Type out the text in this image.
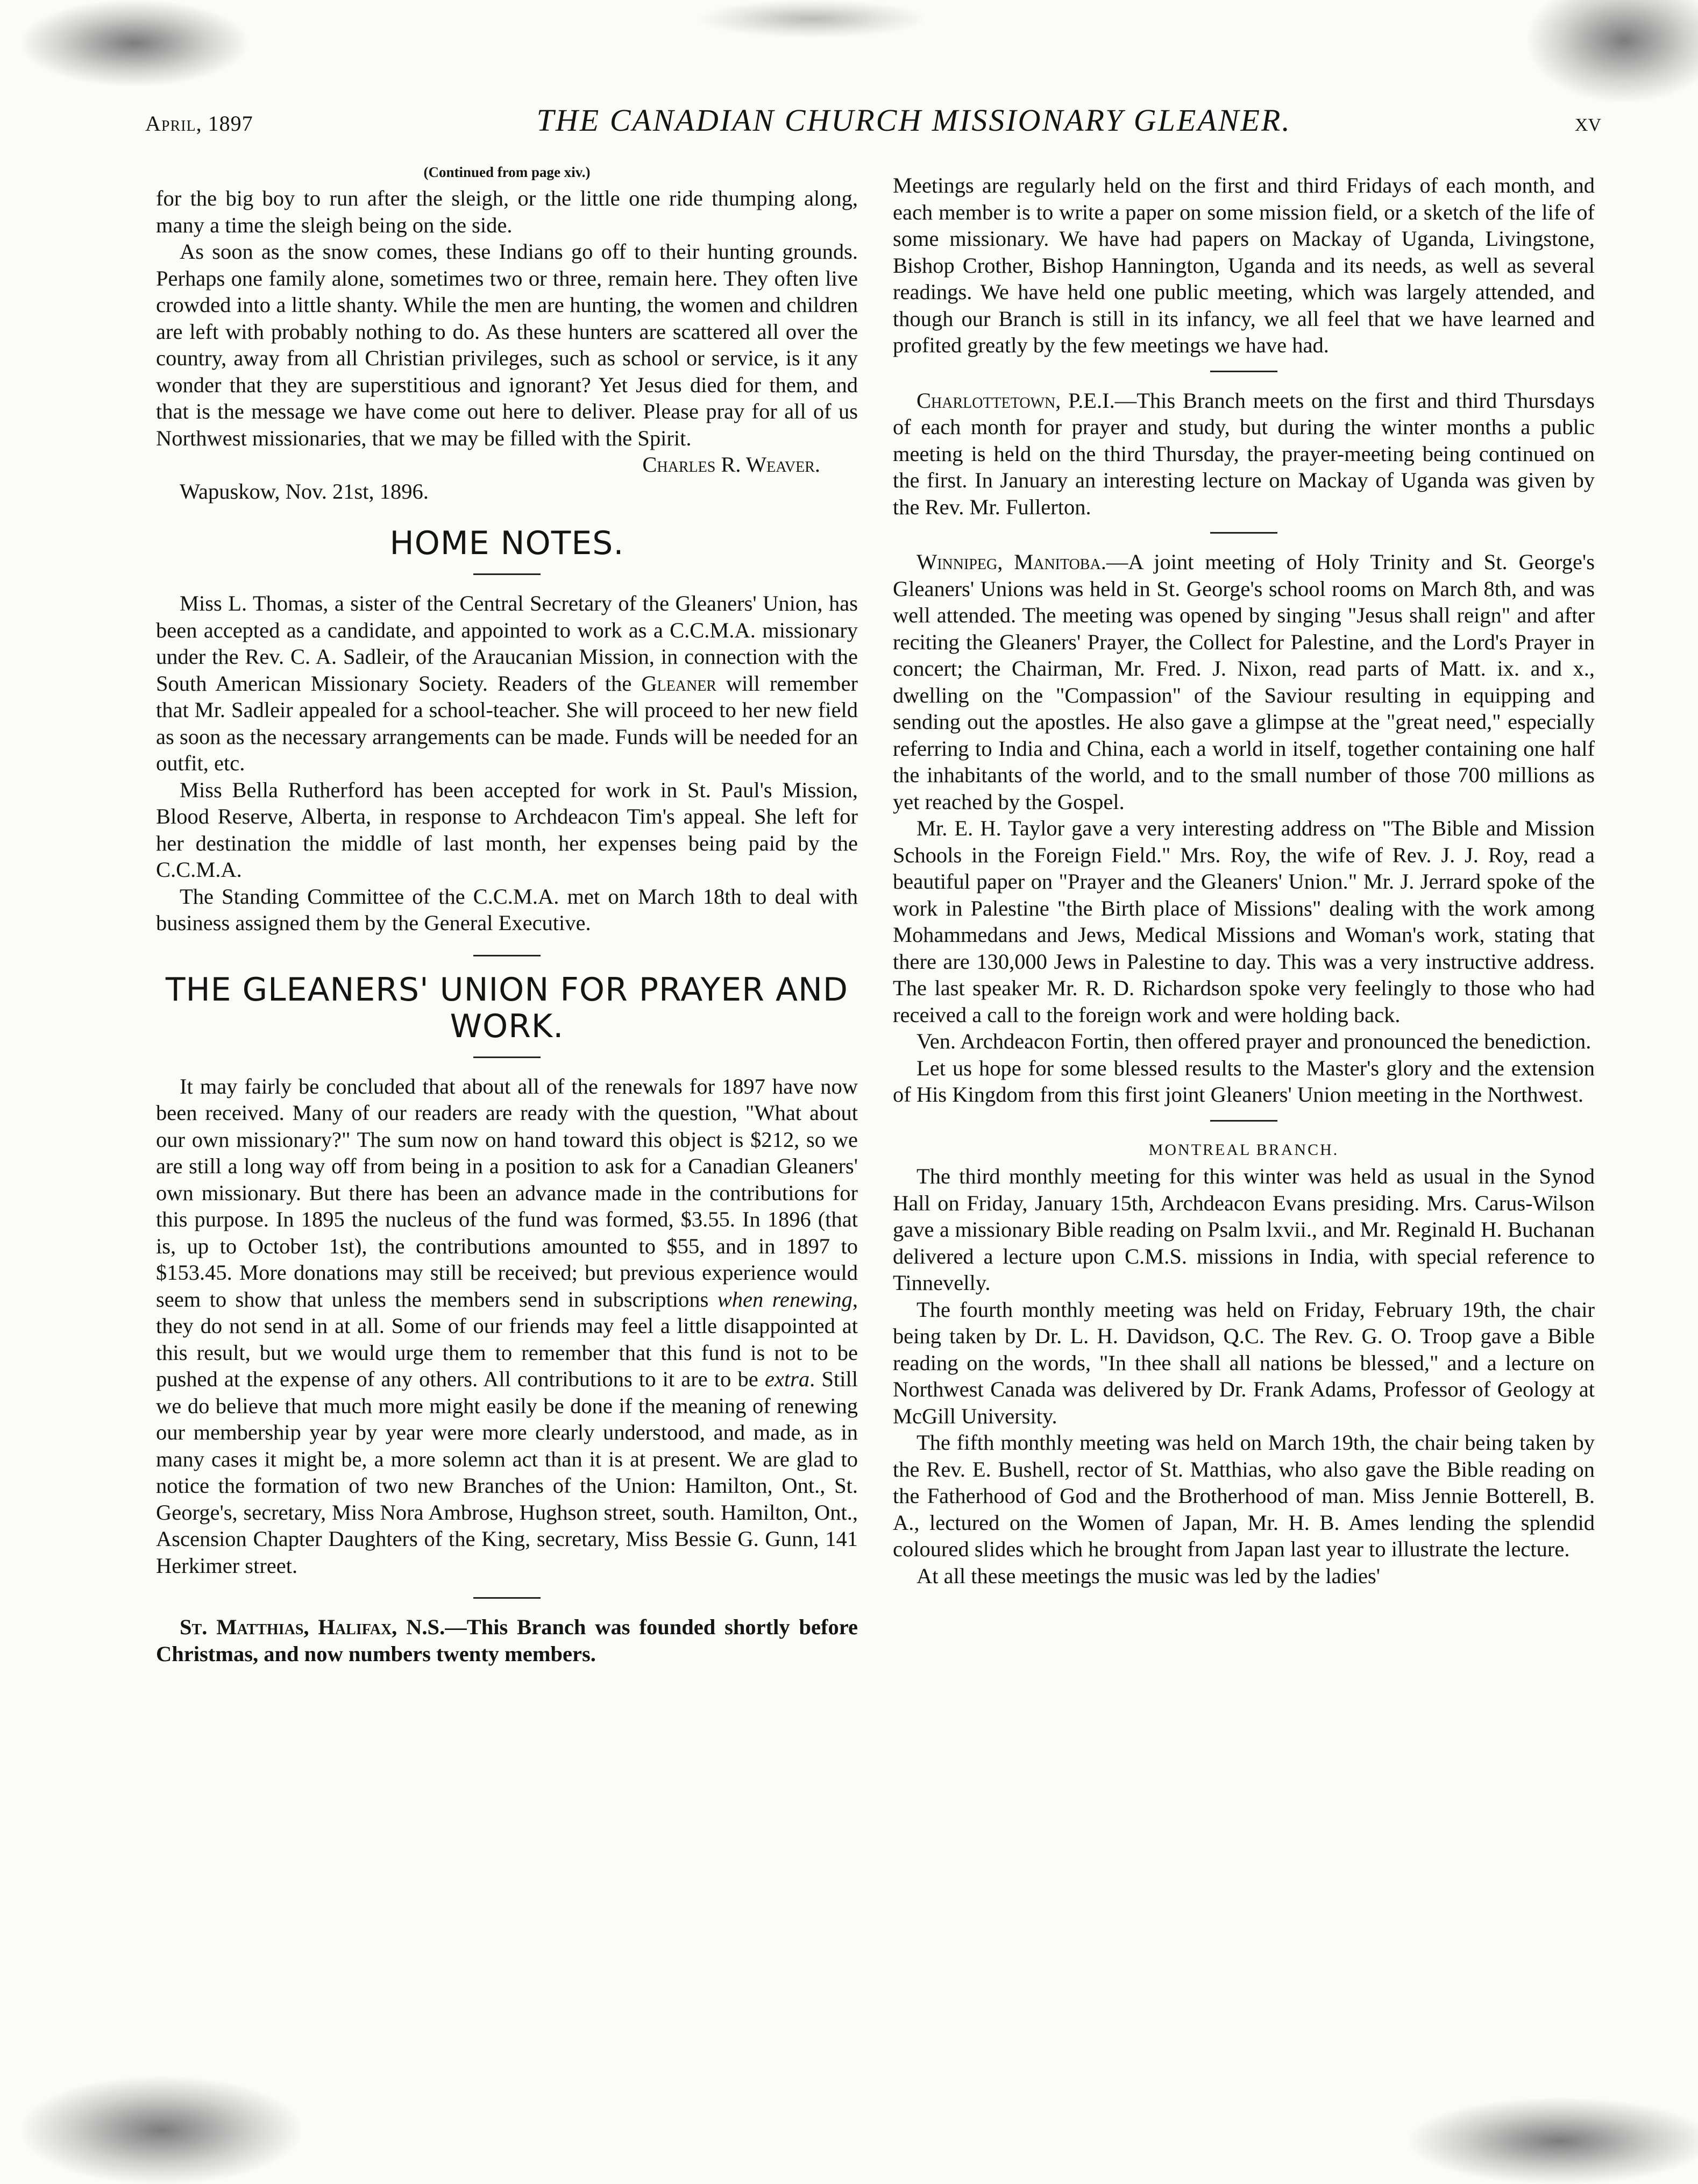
April, 1897	THE CANADIAN CHURCH MISSIONARY GLEANER.	xv
(Continued from page xiv.)

for the big boy to run after the sleigh, or the little one ride thumping along, many a time the sleigh being on the side.

As soon as the snow comes, these Indians go off to their hunting grounds. Perhaps one family alone, sometimes two or three, remain here. They often live crowded into a little shanty. While the men are hunting, the women and children are left with probably nothing to do. As these hunters are scattered all over the country, away from all Christian privileges, such as school or service, is it any wonder that they are superstitious and ignorant? Yet Jesus died for them, and that is the message we have come out here to deliver. Please pray for all of us Northwest missionaries, that we may be filled with the Spirit.

Charles R. Weaver.

Wapuskow, Nov. 21st, 1896.

HOME NOTES.

Miss L. Thomas, a sister of the Central Secretary of the Gleaners' Union, has been accepted as a candidate, and appointed to work as a C.C.M.A. missionary under the Rev. C. A. Sadleir, of the Araucanian Mission, in connection with the South American Missionary Society. Readers of the Gleaner will remember that Mr. Sadleir appealed for a school-teacher. She will proceed to her new field as soon as the necessary arrangements can be made. Funds will be needed for an outfit, etc.

Miss Bella Rutherford has been accepted for work in St. Paul's Mission, Blood Reserve, Alberta, in response to Archdeacon Tim's appeal. She left for her destination the middle of last month, her expenses being paid by the C.C.M.A.

The Standing Committee of the C.C.M.A. met on March 18th to deal with business assigned them by the General Executive.

THE GLEANERS' UNION FOR PRAYER AND WORK.

It may fairly be concluded that about all of the renewals for 1897 have now been received. Many of our readers are ready with the question, "What about our own missionary?" The sum now on hand toward this object is $212, so we are still a long way off from being in a position to ask for a Canadian Gleaners' own missionary. But there has been an advance made in the contributions for this purpose. In 1895 the nucleus of the fund was formed, $3.55. In 1896 (that is, up to October 1st), the contributions amounted to $55, and in 1897 to $153.45. More donations may still be received; but previous experience would seem to show that unless the members send in subscriptions when renewing, they do not send in at all. Some of our friends may feel a little disappointed at this result, but we would urge them to remember that this fund is not to be pushed at the expense of any others. All contributions to it are to be extra. Still we do believe that much more might easily be done if the meaning of renewing our membership year by year were more clearly understood, and made, as in many cases it might be, a more solemn act than it is at present. We are glad to notice the formation of two new Branches of the Union: Hamilton, Ont., St. George's, secretary, Miss Nora Ambrose, Hughson street, south. Hamilton, Ont., Ascension Chapter Daughters of the King, secretary, Miss Bessie G. Gunn, 141 Herkimer street.

St. Matthias, Halifax, N.S.—This Branch was founded shortly before Christmas, and now numbers twenty members.

Meetings are regularly held on the first and third Fridays of each month, and each member is to write a paper on some mission field, or a sketch of the life of some missionary. We have had papers on Mackay of Uganda, Livingstone, Bishop Crother, Bishop Hannington, Uganda and its needs, as well as several readings. We have held one public meeting, which was largely attended, and though our Branch is still in its infancy, we all feel that we have learned and profited greatly by the few meetings we have had.

Charlottetown, P.E.I.—This Branch meets on the first and third Thursdays of each month for prayer and study, but during the winter months a public meeting is held on the third Thursday, the prayer-meeting being continued on the first. In January an interesting lecture on Mackay of Uganda was given by the Rev. Mr. Fullerton.

Winnipeg, Manitoba.—A joint meeting of Holy Trinity and St. George's Gleaners' Unions was held in St. George's school rooms on March 8th, and was well attended. The meeting was opened by singing "Jesus shall reign" and after reciting the Gleaners' Prayer, the Collect for Palestine, and the Lord's Prayer in concert; the Chairman, Mr. Fred. J. Nixon, read parts of Matt. ix. and x., dwelling on the "Compassion" of the Saviour resulting in equipping and sending out the apostles. He also gave a glimpse at the "great need," especially referring to India and China, each a world in itself, together containing one half the inhabitants of the world, and to the small number of those 700 millions as yet reached by the Gospel.

Mr. E. H. Taylor gave a very interesting address on "The Bible and Mission Schools in the Foreign Field." Mrs. Roy, the wife of Rev. J. J. Roy, read a beautiful paper on "Prayer and the Gleaners' Union." Mr. J. Jerrard spoke of the work in Palestine "the Birth place of Missions" dealing with the work among Mohammedans and Jews, Medical Missions and Woman's work, stating that there are 130,000 Jews in Palestine to day. This was a very instructive address. The last speaker Mr. R. D. Richardson spoke very feelingly to those who had received a call to the foreign work and were holding back.

Ven. Archdeacon Fortin, then offered prayer and pronounced the benediction.

Let us hope for some blessed results to the Master's glory and the extension of His Kingdom from this first joint Gleaners' Union meeting in the Northwest.

MONTREAL BRANCH.

The third monthly meeting for this winter was held as usual in the Synod Hall on Friday, January 15th, Archdeacon Evans presiding. Mrs. Carus-Wilson gave a missionary Bible reading on Psalm lxvii., and Mr. Reginald H. Buchanan delivered a lecture upon C.M.S. missions in India, with special reference to Tinnevelly.

The fourth monthly meeting was held on Friday, February 19th, the chair being taken by Dr. L. H. Davidson, Q.C. The Rev. G. O. Troop gave a Bible reading on the words, "In thee shall all nations be blessed," and a lecture on Northwest Canada was delivered by Dr. Frank Adams, Professor of Geology at McGill University.

The fifth monthly meeting was held on March 19th, the chair being taken by the Rev. E. Bushell, rector of St. Matthias, who also gave the Bible reading on the Fatherhood of God and the Brotherhood of man. Miss Jennie Botterell, B. A., lectured on the Women of Japan, Mr. H. B. Ames lending the splendid coloured slides which he brought from Japan last year to illustrate the lecture.

At all these meetings the music was led by the ladies'
